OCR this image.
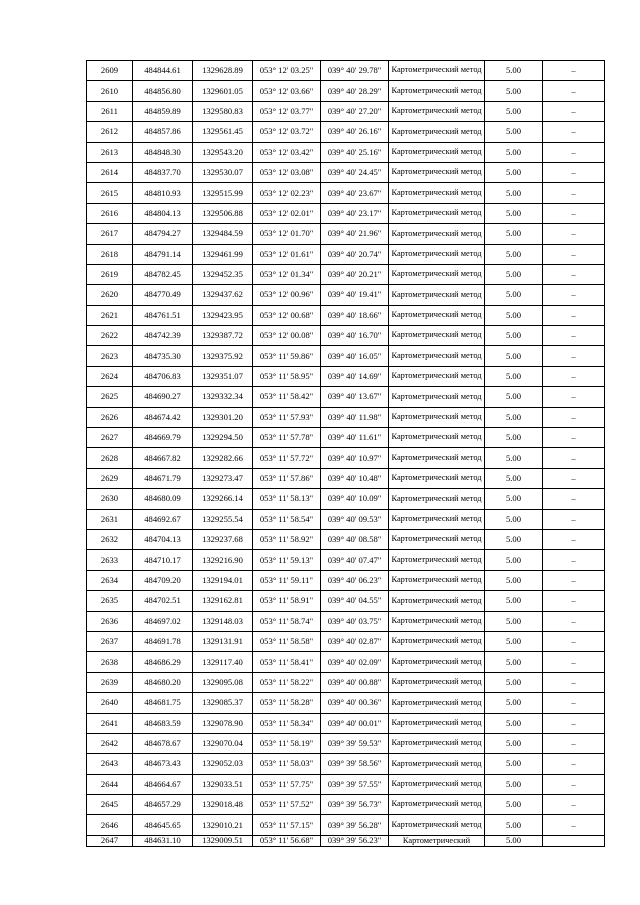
2609	484844.61	1329628.89	053° 12' 03.25"	039° 40' 29.78"	Картометрический метод	5.00	–
2610	484856.80	1329601.05	053° 12' 03.66"	039° 40' 28.29"	Картометрический метод	5.00	–
2611	484859.89	1329580.83	053° 12' 03.77"	039° 40' 27.20"	Картометрический метод	5.00	–
2612	484857.86	1329561.45	053° 12' 03.72"	039° 40' 26.16"	Картометрический метод	5.00	–
2613	484848.30	1329543.20	053° 12' 03.42"	039° 40' 25.16"	Картометрический метод	5.00	–
2614	484837.70	1329530.07	053° 12' 03.08"	039° 40' 24.45"	Картометрический метод	5.00	–
2615	484810.93	1329515.99	053° 12' 02.23"	039° 40' 23.67"	Картометрический метод	5.00	–
2616	484804.13	1329506.88	053° 12' 02.01"	039° 40' 23.17"	Картометрический метод	5.00	–
2617	484794.27	1329484.59	053° 12' 01.70"	039° 40' 21.96"	Картометрический метод	5.00	–
2618	484791.14	1329461.99	053° 12' 01.61"	039° 40' 20.74"	Картометрический метод	5.00	–
2619	484782.45	1329452.35	053° 12' 01.34"	039° 40' 20.21"	Картометрический метод	5.00	–
2620	484770.49	1329437.62	053° 12' 00.96"	039° 40' 19.41"	Картометрический метод	5.00	–
2621	484761.51	1329423.95	053° 12' 00.68"	039° 40' 18.66"	Картометрический метод	5.00	–
2622	484742.39	1329387.72	053° 12' 00.08"	039° 40' 16.70"	Картометрический метод	5.00	–
2623	484735.30	1329375.92	053° 11' 59.86"	039° 40' 16.05"	Картометрический метод	5.00	–
2624	484706.83	1329351.07	053° 11' 58.95"	039° 40' 14.69"	Картометрический метод	5.00	–
2625	484690.27	1329332.34	053° 11' 58.42"	039° 40' 13.67"	Картометрический метод	5.00	–
2626	484674.42	1329301.20	053° 11' 57.93"	039° 40' 11.98"	Картометрический метод	5.00	–
2627	484669.79	1329294.50	053° 11' 57.78"	039° 40' 11.61"	Картометрический метод	5.00	–
2628	484667.82	1329282.66	053° 11' 57.72"	039° 40' 10.97"	Картометрический метод	5.00	–
2629	484671.79	1329273.47	053° 11' 57.86"	039° 40' 10.48"	Картометрический метод	5.00	–
2630	484680.09	1329266.14	053° 11' 58.13"	039° 40' 10.09"	Картометрический метод	5.00	–
2631	484692.67	1329255.54	053° 11' 58.54"	039° 40' 09.53"	Картометрический метод	5.00	–
2632	484704.13	1329237.68	053° 11' 58.92"	039° 40' 08.58"	Картометрический метод	5.00	–
2633	484710.17	1329216.90	053° 11' 59.13"	039° 40' 07.47"	Картометрический метод	5.00	–
2634	484709.20	1329194.01	053° 11' 59.11"	039° 40' 06.23"	Картометрический метод	5.00	–
2635	484702.51	1329162.81	053° 11' 58.91"	039° 40' 04.55"	Картометрический метод	5.00	–
2636	484697.02	1329148.03	053° 11' 58.74"	039° 40' 03.75"	Картометрический метод	5.00	–
2637	484691.78	1329131.91	053° 11' 58.58"	039° 40' 02.87"	Картометрический метод	5.00	–
2638	484686.29	1329117.40	053° 11' 58.41"	039° 40' 02.09"	Картометрический метод	5.00	–
2639	484680.20	1329095.08	053° 11' 58.22"	039° 40' 00.88"	Картометрический метод	5.00	–
2640	484681.75	1329085.37	053° 11' 58.28"	039° 40' 00.36"	Картометрический метод	5.00	–
2641	484683.59	1329078.90	053° 11' 58.34"	039° 40' 00.01"	Картометрический метод	5.00	–
2642	484678.67	1329070.04	053° 11' 58.19"	039° 39' 59.53"	Картометрический метод	5.00	–
2643	484673.43	1329052.03	053° 11' 58.03"	039° 39' 58.56"	Картометрический метод	5.00	–
2644	484664.67	1329033.51	053° 11' 57.75"	039° 39' 57.55"	Картометрический метод	5.00	–
2645	484657.29	1329018.48	053° 11' 57.52"	039° 39' 56.73"	Картометрический метод	5.00	–
2646	484645.65	1329010.21	053° 11' 57.15"	039° 39' 56.28"	Картометрический метод	5.00	–
2647	484631.10	1329009.51	053° 11' 56.68"	039° 39' 56.23"	Картометрический	5.00	
